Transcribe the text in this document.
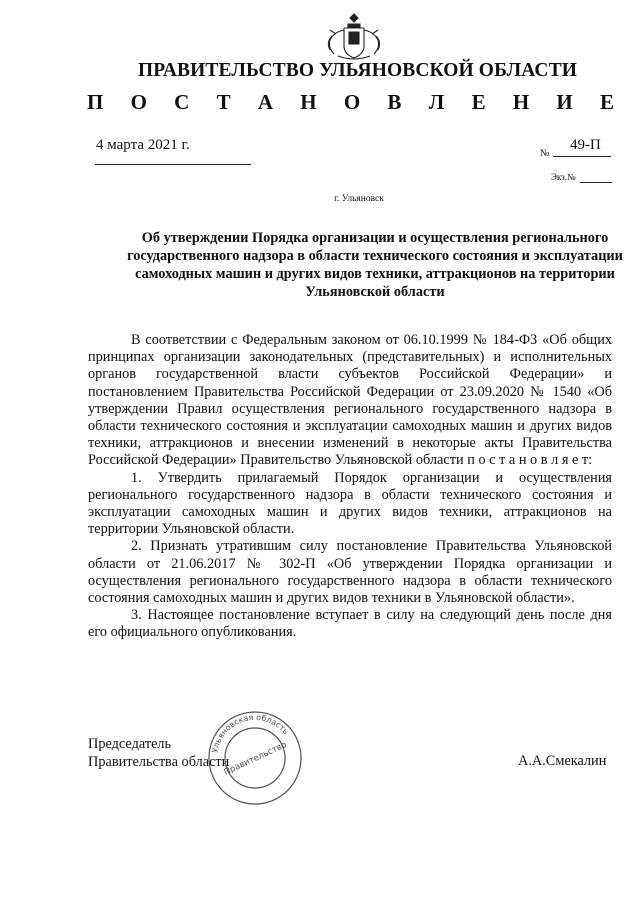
ПРАВИТЕЛЬСТВО УЛЬЯНОВСКОЙ ОБЛАСТИ
П О С Т А Н О В Л Е Н И Е
4 марта 2021 г.
№
49-П
Экз.№
г. Ульяновск
Об утверждении Порядка организации и осуществления регионального государственного надзора в области технического состояния и эксплуатации самоходных машин и других видов техники, аттракционов на территории Ульяновской области

В соответствии с Федеральным законом от 06.10.1999 № 184-ФЗ «Об общих принципах организации законодательных (представительных) и исполнительных органов государственной власти субъектов Российской Федерации» и постановлением Правительства Российской Федерации от 23.09.2020 № 1540 «Об утверждении Правил осуществления регионального государственного надзора в области технического состояния и эксплуатации самоходных машин и других видов техники, аттракционов и внесении изменений в некоторые акты Правительства Российской Федерации» Правительство Ульяновской области п о с т а н о в л я е т:

1. Утвердить прилагаемый Порядок организации и осуществления регионального государственного надзора в области технического состояния и эксплуатации самоходных машин и других видов техники, аттракционов на территории Ульяновской области.

2. Признать утратившим силу постановление Правительства Ульяновской области от 21.06.2017 № 302-П «Об утверждении Порядка организации и осуществления регионального государственного надзора в области технического состояния самоходных машин и других видов техники в Ульяновской области».

3. Настоящее постановление вступает в силу на следующий день после дня его официального опубликования.

Председатель
Правительства области	А.А.Смекалин
Ульяновская область
Правительство
